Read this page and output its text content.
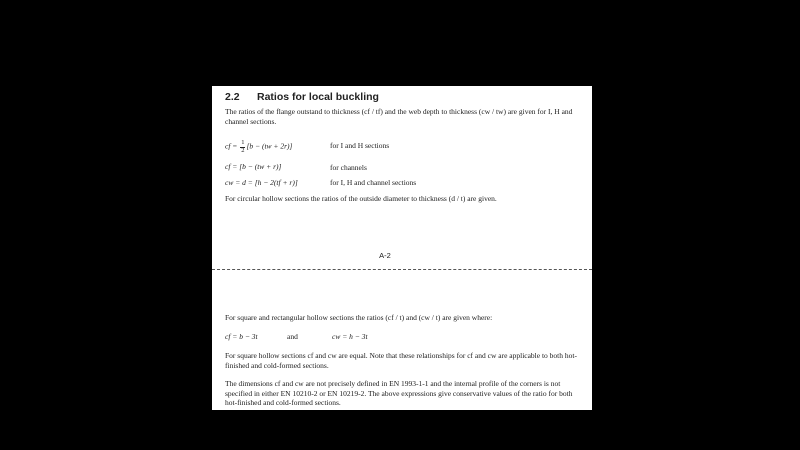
2.2 Ratios for local buckling
The ratios of the flange outstand to thickness (cf / tf) and the web depth to thickness (cw / tw) are given for I, H and channel sections.
cf = $\frac{1}{2} [b - (tw + 2r)]$	for I and H sections
cf = [b − (tw + r)]	for channels
cw = d = [h − 2(tf + r)]	for I, H and channel sections
For circular hollow sections the ratios of the outside diameter to thickness (d / t) are given.
A-2
For square and rectangular hollow sections the ratios (cf / t) and (cw / t) are given where:
cf = b − 3t	and	cw = h − 3t
For square hollow sections cf and cw are equal. Note that these relationships for cf and cw are applicable to both hot-finished and cold-formed sections.
The dimensions cf and cw are not precisely defined in EN 1993-1-1 and the internal profile of the corners is not specified in either EN 10210-2 or EN 10219-2. The above expressions give conservative values of the ratio for both hot-finished and cold-formed sections.
